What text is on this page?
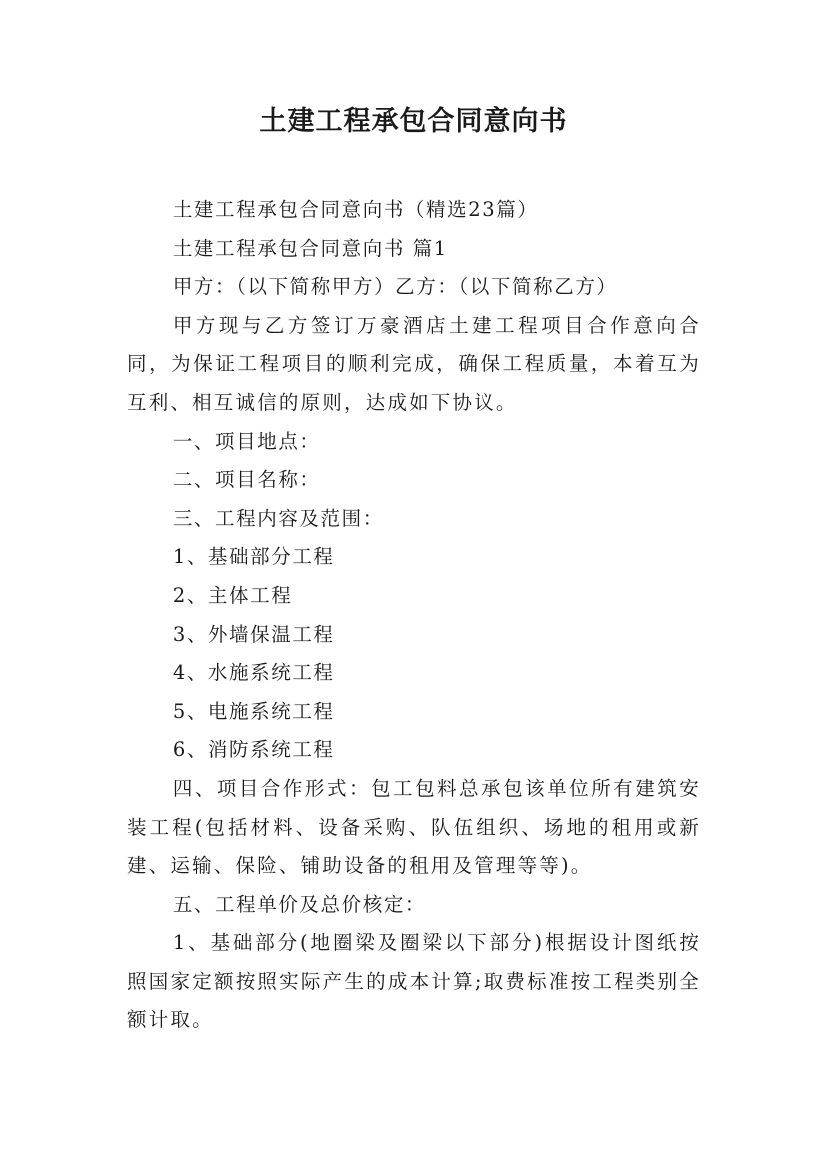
土建工程承包合同意向书

土建工程承包合同意向书（精选23篇）

土建工程承包合同意向书 篇1

甲方：（以下简称甲方）乙方：（以下简称乙方）

甲方现与乙方签订万豪酒店土建工程项目合作意向合同，为保证工程项目的顺利完成，确保工程质量，本着互为互利、相互诚信的原则，达成如下协议。

一、项目地点：

二、项目名称：

三、工程内容及范围：

1、基础部分工程

2、主体工程

3、外墙保温工程

4、水施系统工程

5、电施系统工程

6、消防系统工程

四、项目合作形式：包工包料总承包该单位所有建筑安装工程(包括材料、设备采购、队伍组织、场地的租用或新建、运输、保险、铺助设备的租用及管理等等)。

五、工程单价及总价核定：

1、基础部分(地圈梁及圈梁以下部分)根据设计图纸按照国家定额按照实际产生的成本计算;取费标准按工程类别全额计取。
